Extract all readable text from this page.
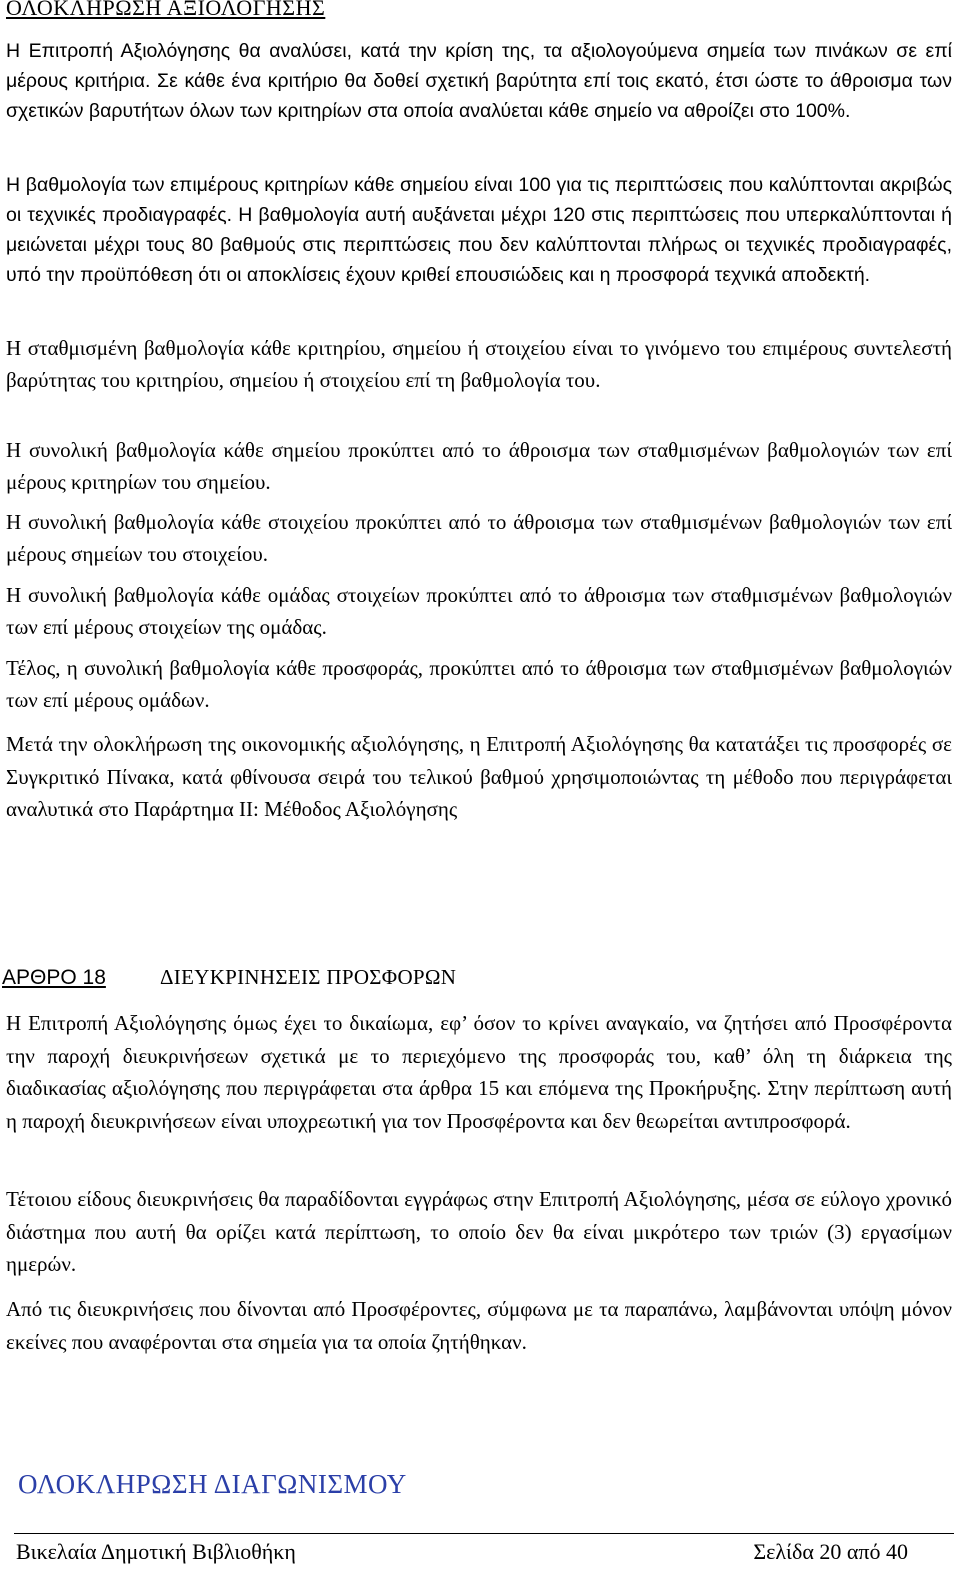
ΟΛΟΚΛΗΡΩΣΗ ΑΞΙΟΛΟΓΗΣΗΣ

Η Επιτροπή Αξιολόγησης θα αναλύσει, κατά την κρίση της, τα αξιολογούμενα σημεία των πινάκων σε επί μέρους κριτήρια. Σε κάθε ένα κριτήριο θα δοθεί σχετική βαρύτητα επί τοις εκατό, έτσι ώστε το άθροισμα των σχετικών βαρυτήτων όλων των κριτηρίων στα οποία αναλύεται κάθε σημείο να αθροίζει στο 100%.

Η βαθμολογία των επιμέρους κριτηρίων κάθε σημείου είναι 100 για τις περιπτώσεις που καλύπτονται ακριβώς οι τεχνικές προδιαγραφές. Η βαθμολογία αυτή αυξάνεται μέχρι 120 στις περιπτώσεις που υπερκαλύπτονται ή μειώνεται μέχρι τους 80 βαθμούς στις περιπτώσεις που δεν καλύπτονται πλήρως οι τεχνικές προδιαγραφές, υπό την προϋπόθεση ότι οι αποκλίσεις έχουν κριθεί επουσιώδεις και η προσφορά τεχνικά αποδεκτή.

Η σταθμισμένη βαθμολογία κάθε κριτηρίου, σημείου ή στοιχείου είναι το γινόμενο του επιμέρους συντελεστή βαρύτητας του κριτηρίου, σημείου ή στοιχείου επί τη βαθμολογία του.

Η συνολική βαθμολογία κάθε σημείου προκύπτει από το άθροισμα των σταθμισμένων βαθμολογιών των επί μέρους κριτηρίων του σημείου.

Η συνολική βαθμολογία κάθε στοιχείου προκύπτει από το άθροισμα των σταθμισμένων βαθμολογιών των επί μέρους σημείων του στοιχείου.

Η συνολική βαθμολογία κάθε ομάδας στοιχείων προκύπτει από το άθροισμα των σταθμισμένων βαθμολογιών των επί μέρους στοιχείων της ομάδας.

Τέλος, η συνολική βαθμολογία κάθε προσφοράς, προκύπτει από το άθροισμα των σταθμισμένων βαθμολογιών των επί μέρους ομάδων.

Μετά την ολοκλήρωση της οικονομικής αξιολόγησης, η Επιτροπή Αξιολόγησης θα κατατάξει τις προσφορές σε Συγκριτικό Πίνακα, κατά φθίνουσα σειρά του τελικού βαθμού χρησιμοποιώντας τη μέθοδο που περιγράφεται αναλυτικά στο Παράρτημα ΙΙ: Μέθοδος Αξιολόγησης

ΑΡΘΡΟ 18	ΔΙΕΥΚΡΙΝΗΣΕΙΣ ΠΡΟΣΦΟΡΩΝ

Η Επιτροπή Αξιολόγησης όμως έχει το δικαίωμα, εφ’ όσον το κρίνει αναγκαίο, να ζητήσει από Προσφέροντα την παροχή διευκρινήσεων σχετικά με το περιεχόμενο της προσφοράς του, καθ’ όλη τη διάρκεια της διαδικασίας αξιολόγησης που περιγράφεται στα άρθρα 15 και επόμενα της Προκήρυξης. Στην περίπτωση αυτή η παροχή διευκρινήσεων είναι υποχρεωτική για τον Προσφέροντα και δεν θεωρείται αντιπροσφορά.

Τέτοιου είδους διευκρινήσεις θα παραδίδονται εγγράφως στην Επιτροπή Αξιολόγησης, μέσα σε εύλογο χρονικό διάστημα που αυτή θα ορίζει κατά περίπτωση, το οποίο δεν θα είναι μικρότερο των τριών (3) εργασίμων ημερών.

Από τις διευκρινήσεις που δίνονται από Προσφέροντες, σύμφωνα με τα παραπάνω, λαμβάνονται υπόψη μόνον εκείνες που αναφέρονται στα σημεία για τα οποία ζητήθηκαν.

ΟΛΟΚΛΗΡΩΣΗ ΔΙΑΓΩΝΙΣΜΟΥ
Βικελαία Δημοτική Βιβλιοθήκη	Σελίδα 20 από 40
